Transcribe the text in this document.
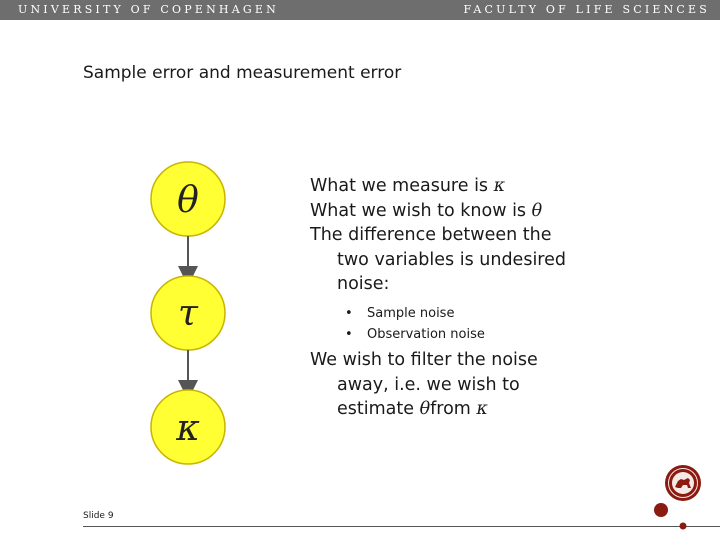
UNIVERSITY OF COPENHAGEN	FACULTY OF LIFE SCIENCES
Sample error and measurement error
θ
τ
κ
What we measure is κ
What we wish to know is θ
The difference between the
two variables is undesired
noise:
• Sample noise
• Observation noise
We wish to filter the noise
away, i.e. we wish to
estimate θfrom κ
Slide 9
